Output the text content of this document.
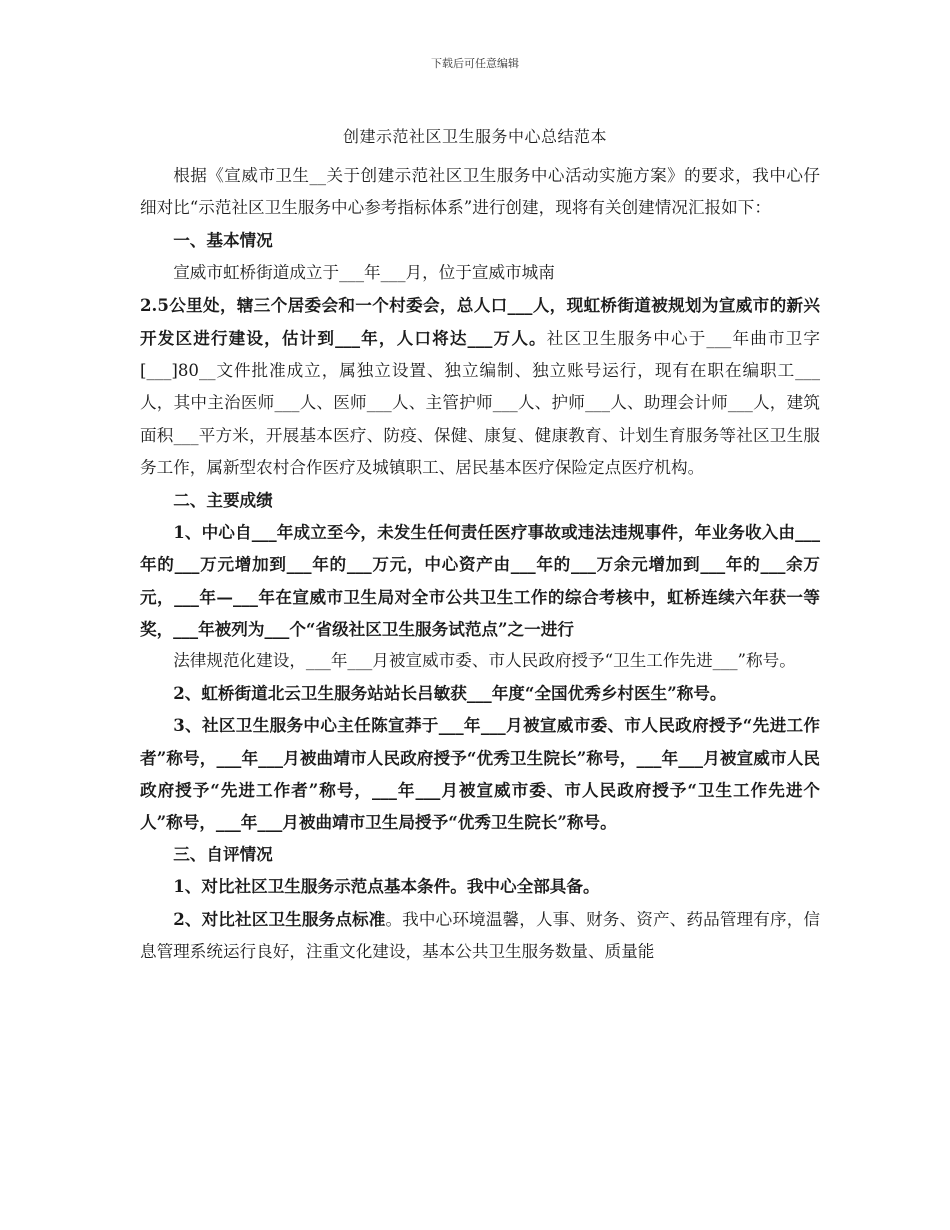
下载后可任意编辑
创建示范社区卫生服务中心总结范本

根据《宣威市卫生__关于创建示范社区卫生服务中心活动实施方案》的要求，我中心仔细对比“示范社区卫生服务中心参考指标体系”进行创建，现将有关创建情况汇报如下：

一、基本情况

宣威市虹桥街道成立于___年___月，位于宣威市城南

2.5公里处，辖三个居委会和一个村委会，总人口___人，现虹桥街道被规划为宣威市的新兴开发区进行建设，估计到___年，人口将达___万人。社区卫生服务中心于___年曲市卫字[___]80__文件批准成立，属独立设置、独立编制、独立账号运行，现有在职在编职工___人，其中主治医师___人、医师___人、主管护师___人、护师___人、助理会计师___人，建筑面积___平方米，开展基本医疗、防疫、保健、康复、健康教育、计划生育服务等社区卫生服务工作，属新型农村合作医疗及城镇职工、居民基本医疗保险定点医疗机构。

二、主要成绩

1、中心自___年成立至今，未发生任何责任医疗事故或违法违规事件，年业务收入由___年的___万元增加到___年的___万元，中心资产由___年的___万余元增加到___年的___余万元，___年—___年在宣威市卫生局对全市公共卫生工作的综合考核中，虹桥连续六年获一等奖，___年被列为___个“省级社区卫生服务试范点”之一进行

法律规范化建设，___年___月被宣威市委、市人民政府授予“卫生工作先进___”称号。

2、虹桥街道北云卫生服务站站长吕敏获___年度“全国优秀乡村医生”称号。

3、社区卫生服务中心主任陈宣莽于___年___月被宣威市委、市人民政府授予“先进工作者”称号，___年___月被曲靖市人民政府授予“优秀卫生院长”称号，___年___月被宣威市人民政府授予“先进工作者”称号，___年___月被宣威市委、市人民政府授予“卫生工作先进个人”称号，___年___月被曲靖市卫生局授予“优秀卫生院长”称号。

三、自评情况

1、对比社区卫生服务示范点基本条件。我中心全部具备。

2、对比社区卫生服务点标准。我中心环境温馨，人事、财务、资产、药品管理有序，信息管理系统运行良好，注重文化建设，基本公共卫生服务数量、质量能
